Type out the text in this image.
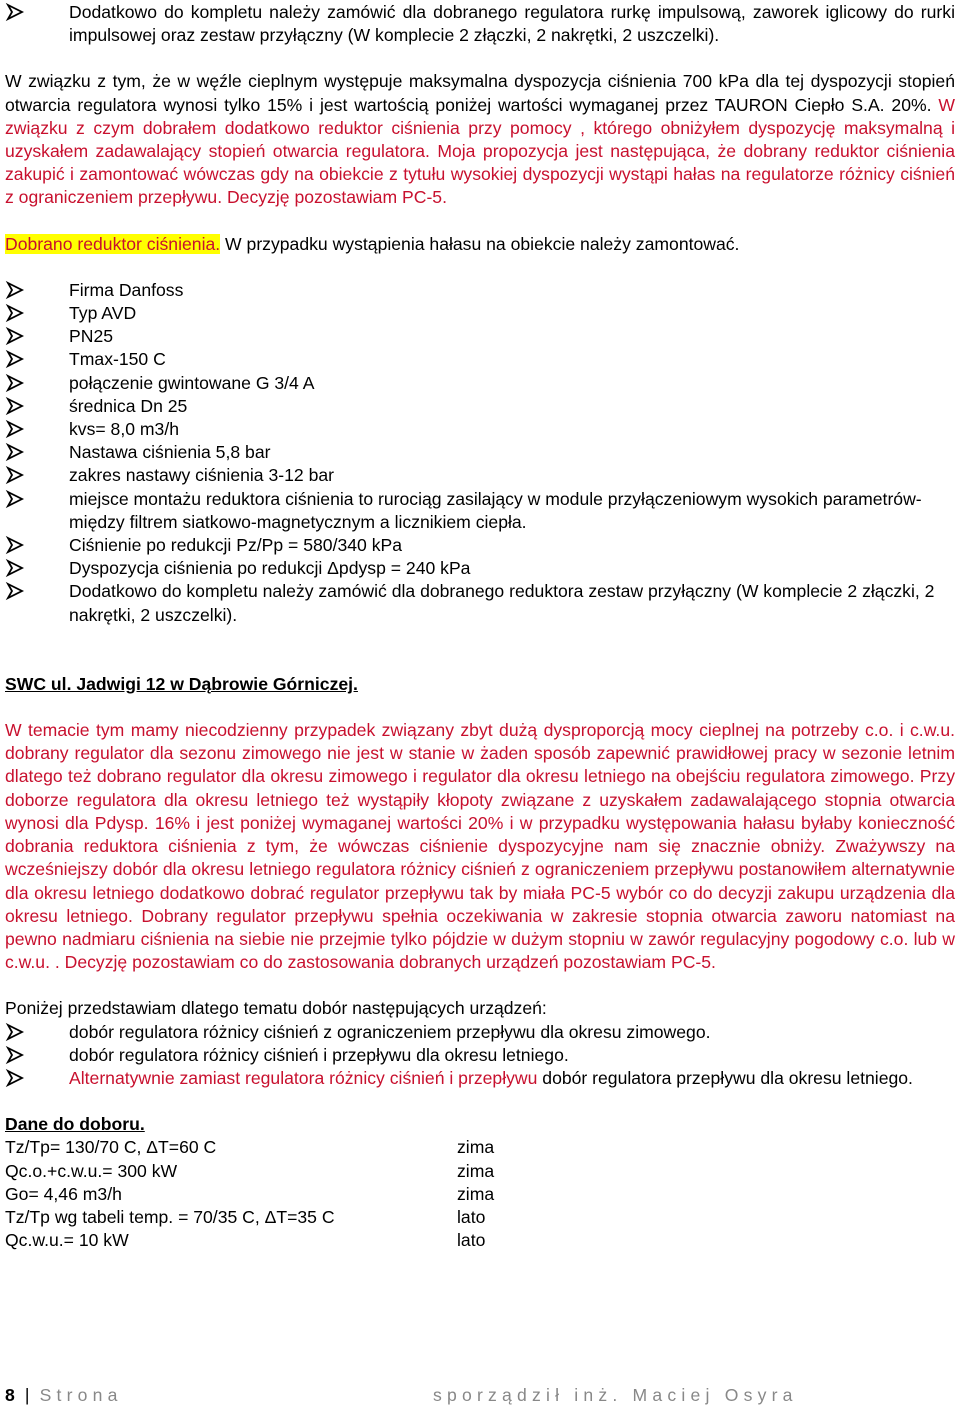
Dodatkowo do kompletu należy zamówić dla dobranego regulatora rurkę impulsową, zaworek iglicowy do rurki impulsowej oraz zestaw przyłączny (W komplecie 2 złączki, 2 nakrętki, 2 uszczelki).

W związku z tym, że w węźle cieplnym występuje maksymalna dyspozycja ciśnienia 700 kPa dla tej dyspozycji stopień otwarcia regulatora wynosi tylko 15% i jest wartością poniżej wartości wymaganej przez TAURON Ciepło S.A. 20%. W związku z czym dobrałem dodatkowo reduktor ciśnienia przy pomocy , którego obniżyłem dyspozycję maksymalną i uzyskałem zadawalający stopień otwarcia regulatora. Moja propozycja jest następująca, że dobrany reduktor ciśnienia zakupić i zamontować wówczas gdy na obiekcie z tytułu wysokiej dyspozycji wystąpi hałas na regulatorze różnicy ciśnień z ograniczeniem przepływu. Decyzję pozostawiam PC-5.

Dobrano reduktor ciśnienia. W przypadku wystąpienia hałasu na obiekcie należy zamontować.

Firma Danfoss
Typ AVD
PN25
Tmax-150 C
połączenie gwintowane G 3/4 A
średnica Dn 25
kvs= 8,0 m3/h
Nastawa ciśnienia 5,8 bar
zakres nastawy ciśnienia 3-12 bar
miejsce montażu reduktora ciśnienia to rurociąg zasilający w module przyłączeniowym wysokich parametrów-między filtrem siatkowo-magnetycznym a licznikiem ciepła.
Ciśnienie po redukcji Pz/Pp = 580/340 kPa
Dyspozycja ciśnienia po redukcji Δpdysp = 240 kPa
Dodatkowo do kompletu należy zamówić dla dobranego reduktora zestaw przyłączny (W komplecie 2 złączki, 2 nakrętki, 2 uszczelki).
SWC ul. Jadwigi 12 w Dąbrowie Górniczej.

W temacie tym mamy niecodzienny przypadek związany zbyt dużą dysproporcją mocy cieplnej na potrzeby c.o. i c.w.u. dobrany regulator dla sezonu zimowego nie jest w stanie w żaden sposób zapewnić prawidłowej pracy w sezonie letnim dlatego też dobrano regulator dla okresu zimowego i regulator dla okresu letniego na obejściu regulatora zimowego. Przy doborze regulatora dla okresu letniego też wystąpiły kłopoty związane z uzyskałem zadawalającego stopnia otwarcia wynosi dla Pdysp. 16% i jest poniżej wymaganej wartości 20% i w przypadku występowania hałasu byłaby konieczność dobrania reduktora ciśnienia z tym, że wówczas ciśnienie dyspozycyjne nam się znacznie obniży. Zważywszy na wcześniejszy dobór dla okresu letniego regulatora różnicy ciśnień z ograniczeniem przepływu postanowiłem alternatywnie dla okresu letniego dodatkowo dobrać regulator przepływu tak by miała PC-5 wybór co do decyzji zakupu urządzenia dla okresu letniego. Dobrany regulator przepływu spełnia oczekiwania w zakresie stopnia otwarcia zaworu natomiast na pewno nadmiaru ciśnienia na siebie nie przejmie tylko pójdzie w dużym stopniu w zawór regulacyjny pogodowy c.o. lub w c.w.u. . Decyzję pozostawiam co do zastosowania dobranych urządzeń pozostawiam PC-5.

Poniżej przedstawiam dlatego tematu dobór następujących urządzeń:

dobór regulatora różnicy ciśnień z ograniczeniem przepływu dla okresu zimowego.
dobór regulatora różnicy ciśnień i przepływu dla okresu letniego.
Alternatywnie zamiast regulatora różnicy ciśnień i przepływu dobór regulatora przepływu dla okresu letniego.
Dane do doboru.
Tz/Tp= 130/70 C, ΔT=60 C	zima
Qc.o.+c.w.u.= 300 kW	zima
Go= 4,46 m3/h	zima
Tz/Tp wg tabeli temp. = 70/35 C, ΔT=35 C	lato
Qc.w.u.= 10 kW	lato
8 | Strona	sporządził inż. Maciej Osyra
